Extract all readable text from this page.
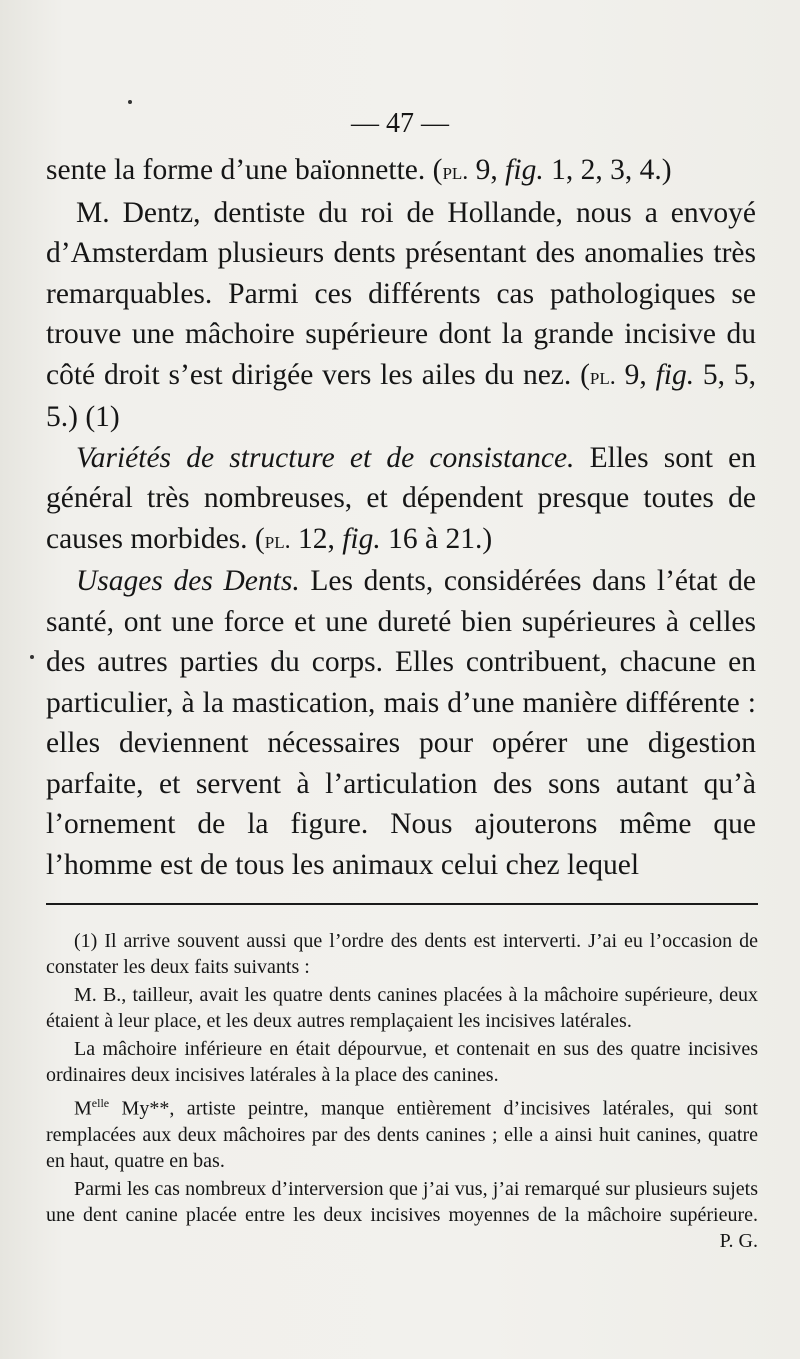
— 47 —

sente la forme d’une baïonnette. (pl. 9, fig. 1, 2, 3, 4.)

M. Dentz, dentiste du roi de Hollande, nous a envoyé d’Amsterdam plusieurs dents présentant des anomalies très remarquables. Parmi ces différents cas pathologiques se trouve une mâchoire supérieure dont la grande incisive du côté droit s’est dirigée vers les ailes du nez. (pl. 9, fig. 5, 5, 5.) (1)

Variétés de structure et de consistance. Elles sont en général très nombreuses, et dépendent presque toutes de causes morbides. (pl. 12, fig. 16 à 21.)

Usages des Dents. Les dents, considérées dans l’état de santé, ont une force et une dureté bien supérieures à celles des autres parties du corps. Elles contribuent, chacune en particulier, à la mastication, mais d’une manière différente : elles deviennent nécessaires pour opérer une digestion parfaite, et servent à l’articulation des sons autant qu’à l’ornement de la figure. Nous ajouterons même que l’homme est de tous les animaux celui chez lequel

(1) Il arrive souvent aussi que l’ordre des dents est interverti. J’ai eu l’occasion de constater les deux faits suivants :

M. B., tailleur, avait les quatre dents canines placées à la mâchoire supérieure, deux étaient à leur place, et les deux autres remplaçaient les incisives latérales.

La mâchoire inférieure en était dépourvue, et contenait en sus des quatre incisives ordinaires deux incisives latérales à la place des canines.

$M^{elle}$ My**, artiste peintre, manque entièrement d’incisives latérales, qui sont remplacées aux deux mâchoires par des dents canines ; elle a ainsi huit canines, quatre en haut, quatre en bas.

Parmi les cas nombreux d’interversion que j’ai vus, j’ai remarqué sur plusieurs sujets une dent canine placée entre les deux incisives moyennes de la mâchoire supérieure.
P. G.
